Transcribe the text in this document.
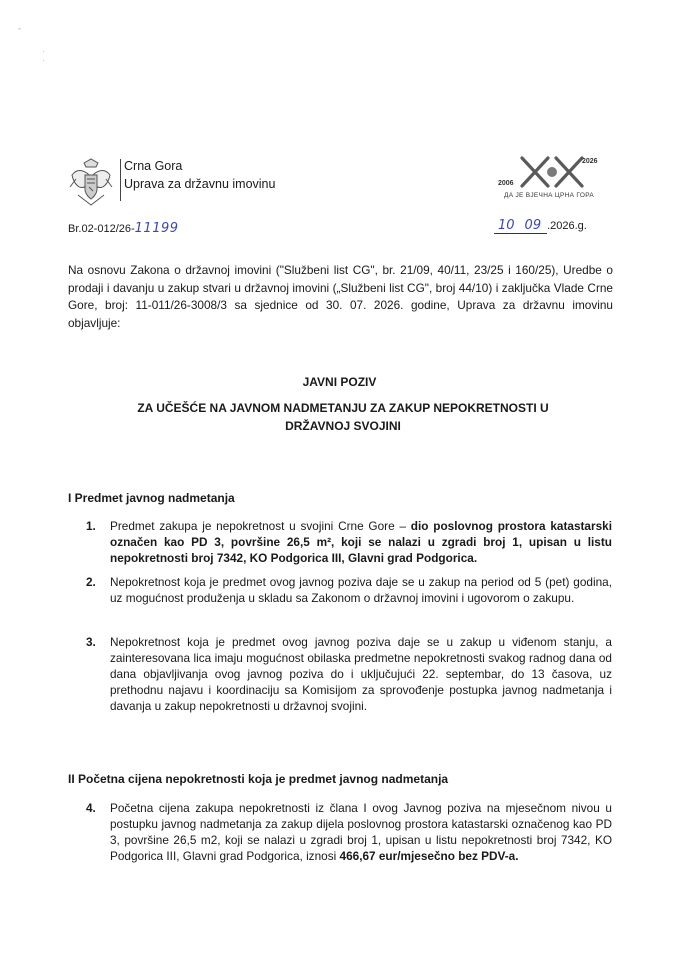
ˆ
·
·
Crna Gora
Uprava za državnu imovinu	2006
2026
ДА ЈЕ ВЈЕЧНА ЦРНА ГОРА
Br.02-012/26-11199	10 09 .2026.g.
Na osnovu Zakona o državnoj imovini ("Službeni list CG", br. 21/09, 40/11, 23/25 i 160/25), Uredbe o prodaji i davanju u zakup stvari u državnoj imovini („Službeni list CG", broj 44/10) i zaključka Vlade Crne Gore, broj: 11-011/26-3008/3 sa sjednice od 30. 07. 2026. godine, Uprava za državnu imovinu objavljuje:
JAVNI POZIV
ZA UČEŠĆE NA JAVNOM NADMETANJU ZA ZAKUP NEPOKRETNOSTI U DRŽAVNOJ SVOJINI
I Predmet javnog nadmetanja
1.	Predmet zakupa je nepokretnost u svojini Crne Gore – dio poslovnog prostora katastarski označen kao PD 3, površine 26,5 m², koji se nalazi u zgradi broj 1, upisan u listu nepokretnosti broj 7342, KO Podgorica III, Glavni grad Podgorica.
2.	Nepokretnost koja je predmet ovog javnog poziva daje se u zakup na period od 5 (pet) godina, uz mogućnost produženja u skladu sa Zakonom o državnoj imovini i ugovorom o zakupu.
3.	Nepokretnost koja je predmet ovog javnog poziva daje se u zakup u viđenom stanju, a zainteresovana lica imaju mogućnost obilaska predmetne nepokretnosti svakog radnog dana od dana objavljivanja ovog javnog poziva do i uključujući 22. septembar, do 13 časova, uz prethodnu najavu i koordinaciju sa Komisijom za sprovođenje postupka javnog nadmetanja i davanja u zakup nepokretnosti u državnoj svojini.
II Početna cijena nepokretnosti koja je predmet javnog nadmetanja
4.	Početna cijena zakupa nepokretnosti iz člana I ovog Javnog poziva na mjesečnom nivou u postupku javnog nadmetanja za zakup dijela poslovnog prostora katastarski označenog kao PD 3, površine 26,5 m2, koji se nalazi u zgradi broj 1, upisan u listu nepokretnosti broj 7342, KO Podgorica III, Glavni grad Podgorica, iznosi 466,67 eur/mjesečno bez PDV-a.
